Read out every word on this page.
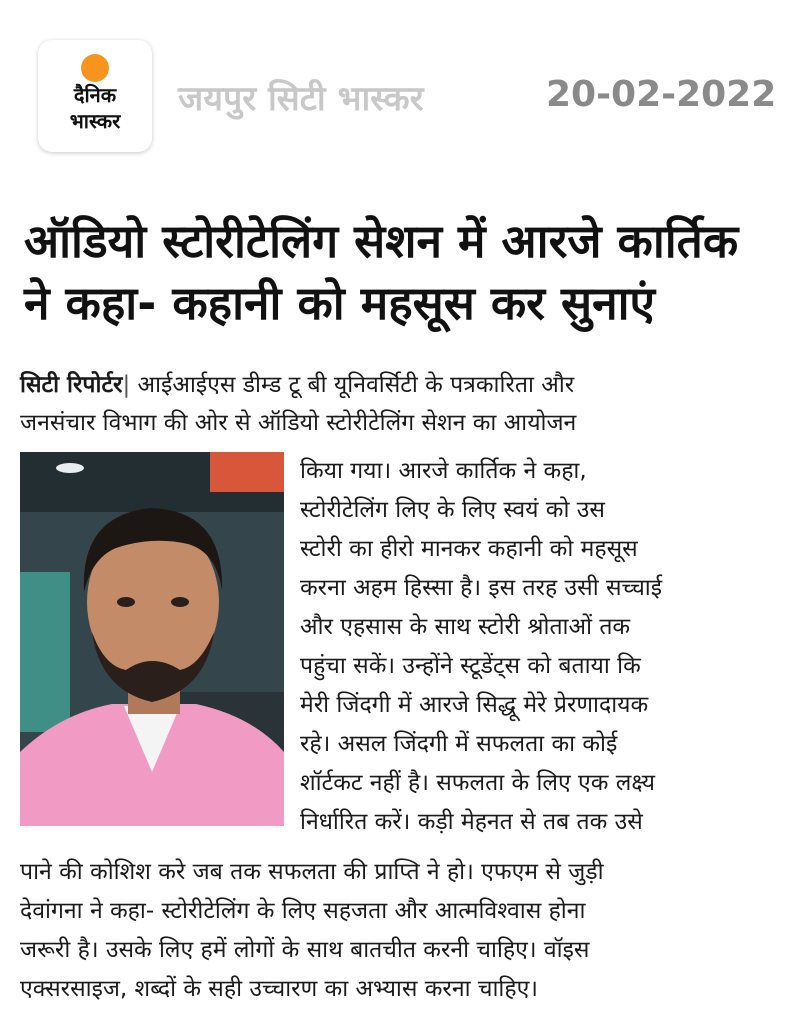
दैनिक
भास्कर
जयपुर सिटी भास्कर	20-02-2022
ऑडियो स्टोरीटेलिंग सेशन में आरजे कार्तिक
ने कहा- कहानी को महसूस कर सुनाएं
सिटी रिपोर्टर| आईआईएस डीम्ड टू बी यूनिवर्सिटी के पत्रकारिता और
जनसंचार विभाग की ओर से ऑडियो स्टोरीटेलिंग सेशन का आयोजन
किया गया। आरजे कार्तिक ने कहा,
स्टोरीटेलिंग लिए के लिए स्वयं को उस
स्टोरी का हीरो मानकर कहानी को महसूस
करना अहम हिस्सा है। इस तरह उसी सच्चाई
और एहसास के साथ स्टोरी श्रोताओं तक
पहुंचा सकें। उन्होंने स्टूडेंट्स को बताया कि
मेरी जिंदगी में आरजे सिद्धू मेरे प्रेरणादायक
रहे। असल जिंदगी में सफलता का कोई
शॉर्टकट नहीं है। सफलता के लिए एक लक्ष्य
निर्धारित करें। कड़ी मेहनत से तब तक उसे
पाने की कोशिश करे जब तक सफलता की प्राप्ति ने हो। एफएम से जुड़ी
देवांगना ने कहा- स्टोरीटेलिंग के लिए सहजता और आत्मविश्वास होना
जरूरी है। उसके लिए हमें लोगों के साथ बातचीत करनी चाहिए। वॉइस
एक्सरसाइज, शब्दों के सही उच्चारण का अभ्यास करना चाहिए।
